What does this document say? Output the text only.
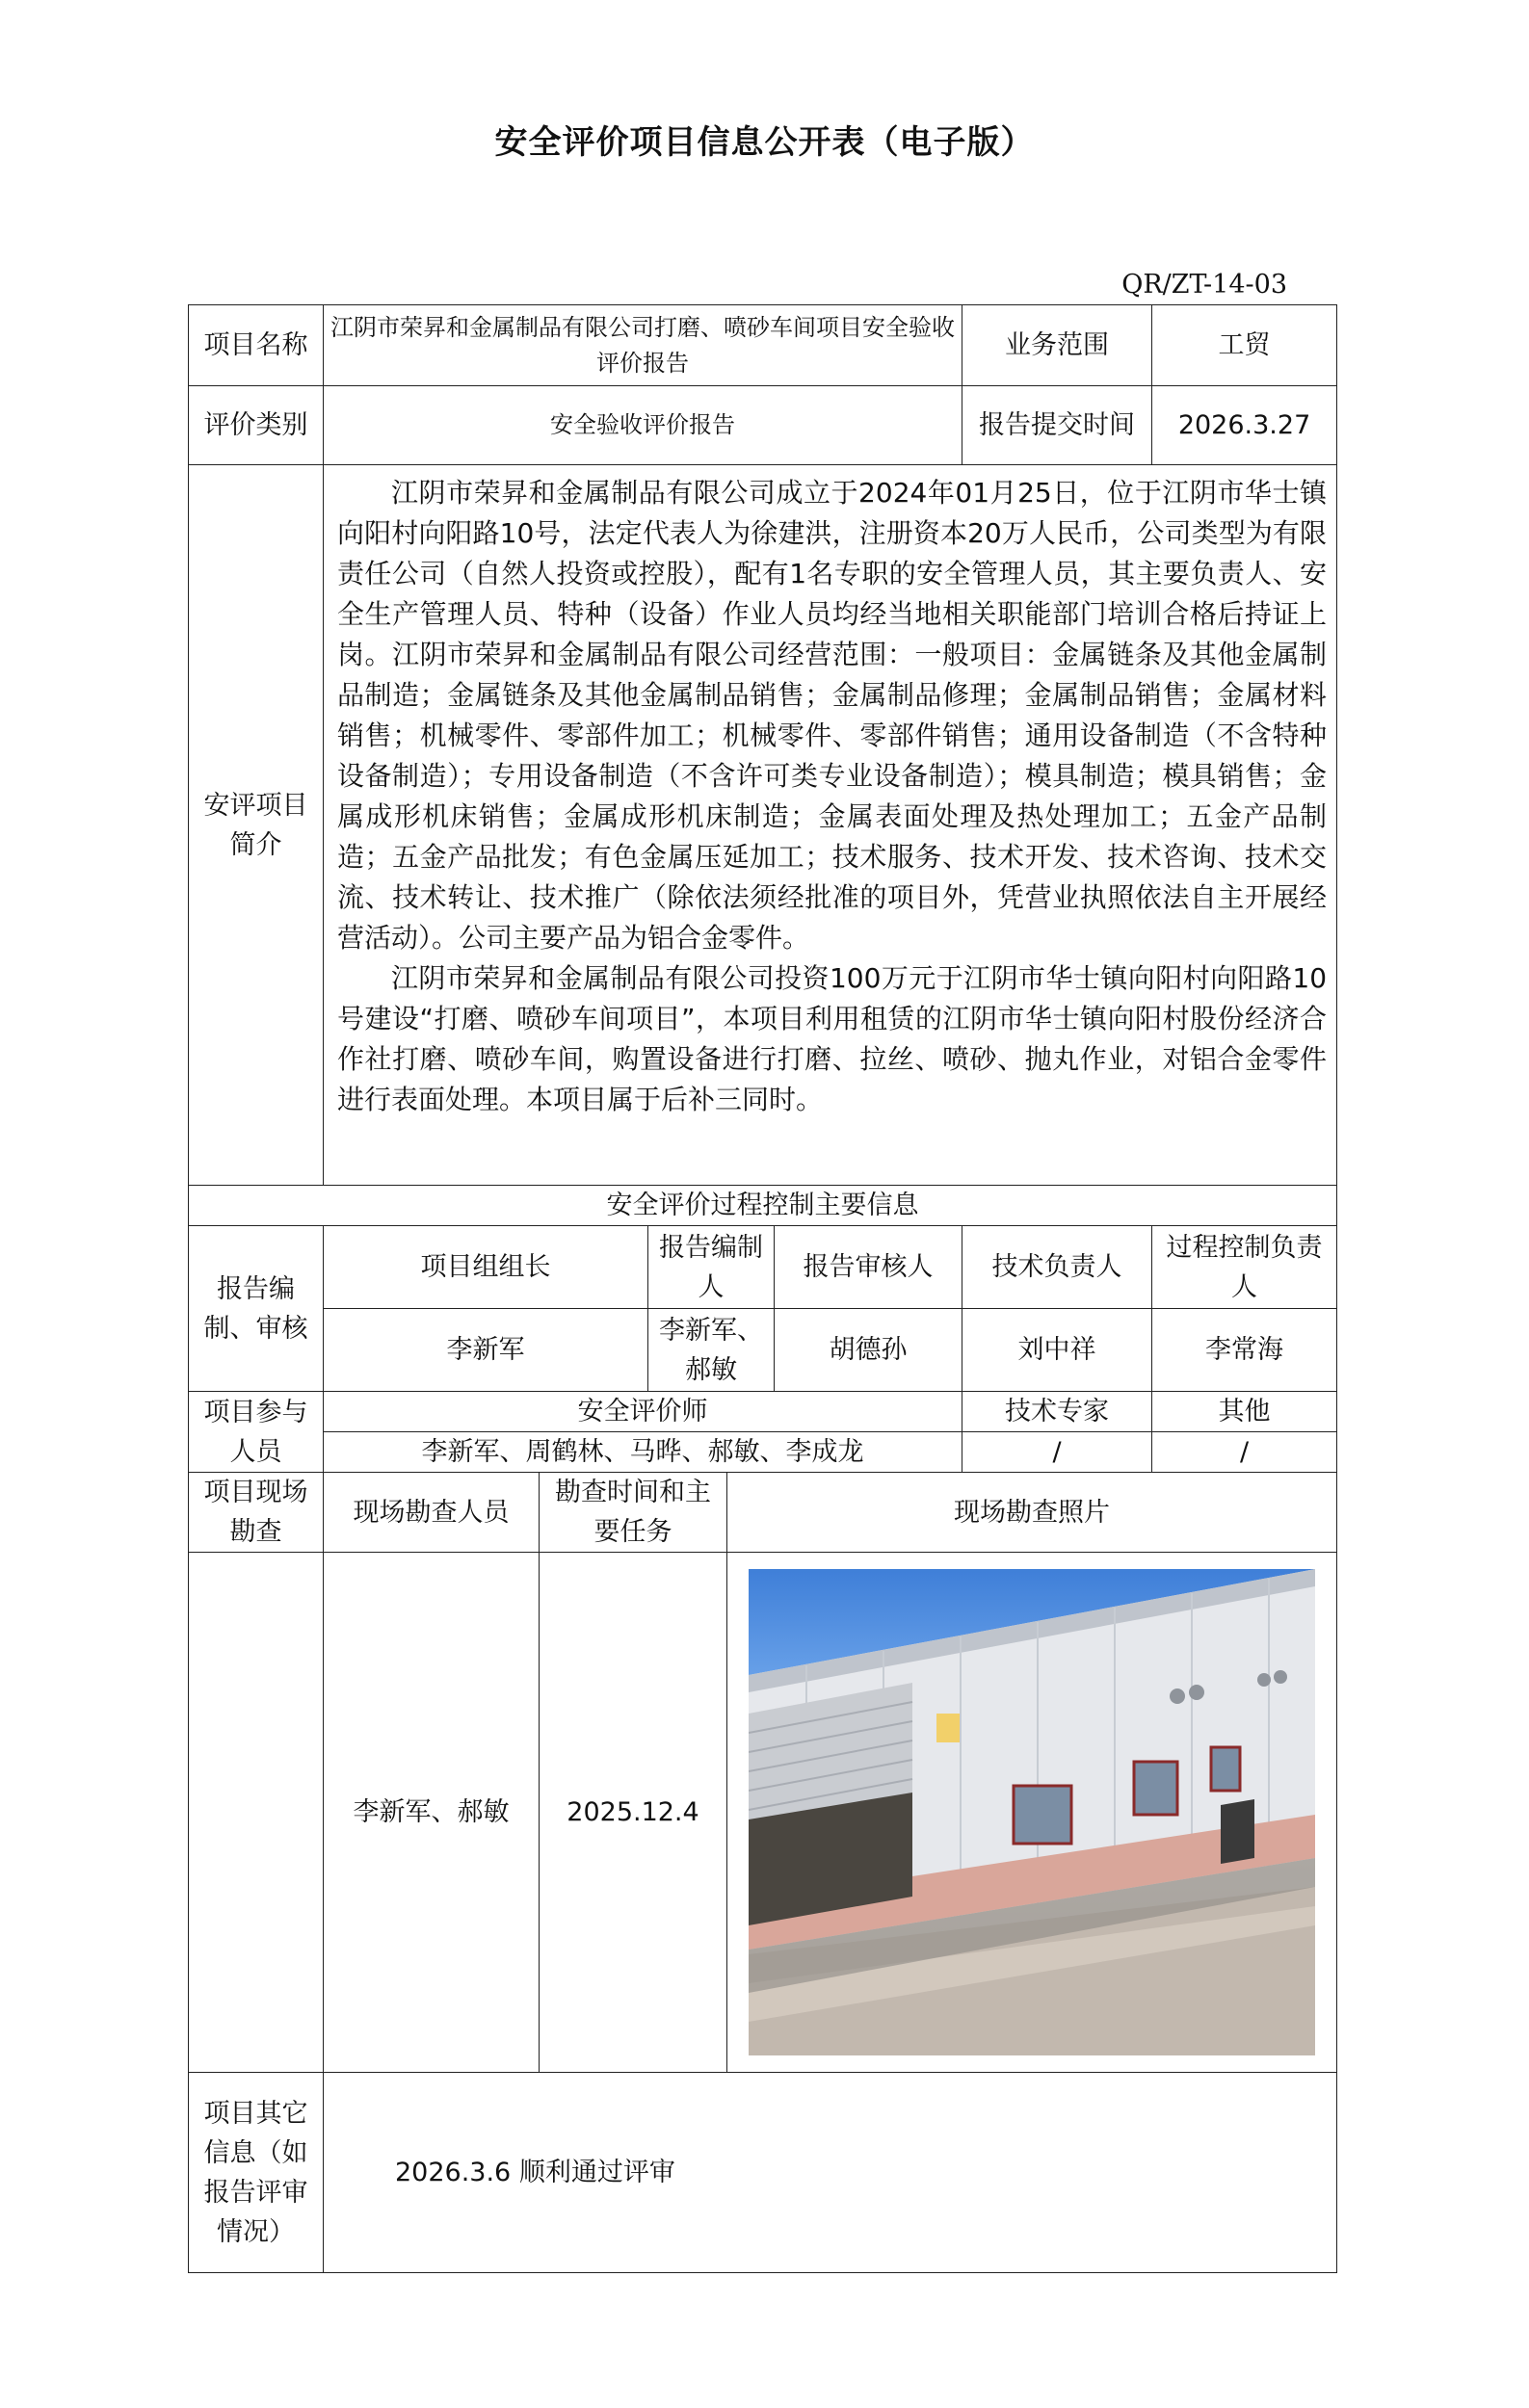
安全评价项目信息公开表（电子版）
QR/ZT-14-03
项目名称	江阴市荣昇和金属制品有限公司打磨、喷砂车间项目安全验收评价报告					业务范围	工贸
评价类别	安全验收评价报告					报告提交时间	2026.3.27
安评项目简介	江阴市荣昇和金属制品有限公司成立于2024年01月25日，位于江阴市华士镇向阳村向阳路10号，法定代表人为徐建洪，注册资本20万人民币，公司类型为有限责任公司（自然人投资或控股），配有1名专职的安全管理人员，其主要负责人、安全生产管理人员、特种（设备）作业人员均经当地相关职能部门培训合格后持证上岗。江阴市荣昇和金属制品有限公司经营范围：一般项目：金属链条及其他金属制品制造；金属链条及其他金属制品销售；金属制品修理；金属制品销售；金属材料销售；机械零件、零部件加工；机械零件、零部件销售；通用设备制造（不含特种设备制造）；专用设备制造（不含许可类专业设备制造）；模具制造；模具销售；金属成形机床销售；金属成形机床制造；金属表面处理及热处理加工；五金产品制造；五金产品批发；有色金属压延加工；技术服务、技术开发、技术咨询、技术交流、技术转让、技术推广（除依法须经批准的项目外，凭营业执照依法自主开展经营活动）。公司主要产品为铝合金零件。

江阴市荣昇和金属制品有限公司投资100万元于江阴市华士镇向阳村向阳路10号建设“打磨、喷砂车间项目”，本项目利用租赁的江阴市华士镇向阳村股份经济合作社打磨、喷砂车间，购置设备进行打磨、拉丝、喷砂、抛丸作业，对铝合金零件进行表面处理。本项目属于后补三同时。						

安全评价过程控制主要信息							
报告编制、审核	项目组组长		报告编制人		报告审核人	技术负责人	过程控制负责人
	李新军		李新军、郝敏		胡德孙	刘中祥	李常海
项目参与人员	安全评价师					技术专家	其他
	李新军、周鹤林、马晔、郝敏、李成龙					/	/
项目现场勘查	现场勘查人员	勘查时间和主要任务		现场勘查照片			
	李新军、郝敏	2025.12.4	

项目其它信息（如报告评审情况）	2026.3.6 顺利通过评审						
